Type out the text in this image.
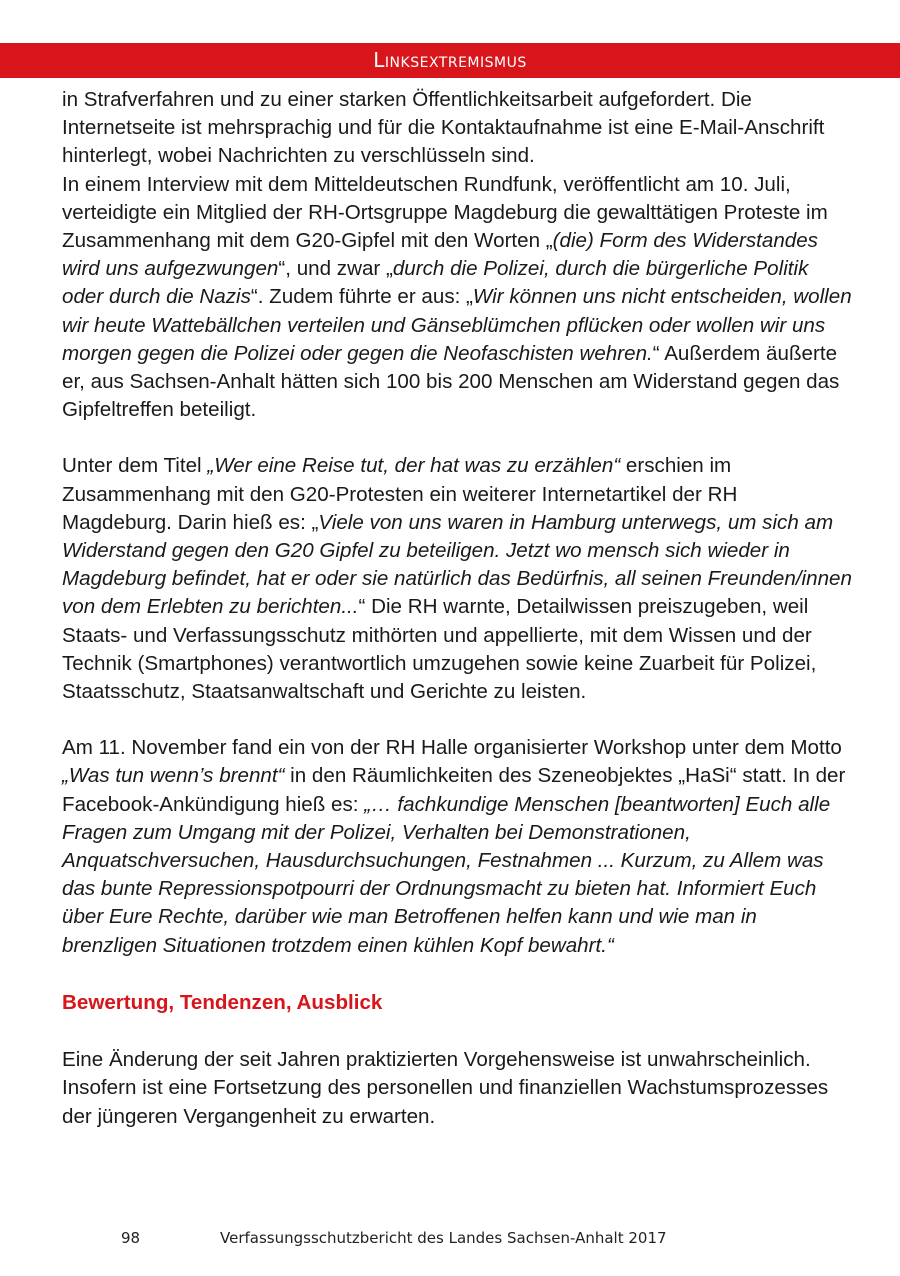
Linksextremismus

in Strafverfahren und zu einer starken Öffentlichkeitsarbeit aufgefordert. Die Internetseite ist mehrsprachig und für die Kontaktaufnahme ist eine E-Mail-Anschrift hinterlegt, wobei Nachrichten zu verschlüsseln sind.

In einem Interview mit dem Mitteldeutschen Rundfunk, veröffentlicht am 10. Juli, verteidigte ein Mitglied der RH-Ortsgruppe Magdeburg die gewalttätigen Proteste im Zusammenhang mit dem G20-Gipfel mit den Worten „(die) Form des Widerstandes wird uns aufgezwungen“, und zwar „durch die Polizei, durch die bürgerliche Politik oder durch die Nazis“. Zudem führte er aus: „Wir können uns nicht entscheiden, wollen wir heute Wattebällchen verteilen und Gänseblümchen pflücken oder wollen wir uns morgen gegen die Polizei oder gegen die Neofaschisten wehren.“ Außerdem äußerte er, aus Sachsen-Anhalt hätten sich 100 bis 200 Menschen am Widerstand gegen das Gipfeltreffen beteiligt.

Unter dem Titel „Wer eine Reise tut, der hat was zu erzählen“ erschien im Zusammenhang mit den G20-Protesten ein weiterer Internetartikel der RH Magdeburg. Darin hieß es: „Viele von uns waren in Hamburg unterwegs, um sich am Widerstand gegen den G20 Gipfel zu beteiligen. Jetzt wo mensch sich wieder in Magdeburg befindet, hat er oder sie natürlich das Bedürfnis, all seinen Freunden/innen von dem Erlebten zu berichten...“ Die RH warnte, Detailwissen preiszugeben, weil Staats- und Verfassungsschutz mithörten und appellierte, mit dem Wissen und der Technik (Smartphones) verantwortlich umzugehen sowie keine Zuarbeit für Polizei, Staatsschutz, Staatsanwaltschaft und Gerichte zu leisten.

Am 11. November fand ein von der RH Halle organisierter Workshop unter dem Motto „Was tun wenn’s brennt“ in den Räumlichkeiten des Szeneobjektes „HaSi“ statt. In der Facebook-Ankündigung hieß es: „… fachkundige Menschen [beantworten] Euch alle Fragen zum Umgang mit der Polizei, Verhalten bei Demonstrationen, Anquatschversuchen, Hausdurchsuchungen, Festnahmen ... Kurzum, zu Allem was das bunte Repressionspotpourri der Ordnungsmacht zu bieten hat. Informiert Euch über Eure Rechte, darüber wie man Betroffenen helfen kann und wie man in brenzligen Situationen trotzdem einen kühlen Kopf bewahrt.“

Bewertung, Tendenzen, Ausblick

Eine Änderung der seit Jahren praktizierten Vorgehensweise ist unwahrscheinlich. Insofern ist eine Fortsetzung des personellen und finanziellen Wachstumsprozesses der jüngeren Vergangenheit zu erwarten.

98	Verfassungsschutzbericht des Landes Sachsen-Anhalt 2017
